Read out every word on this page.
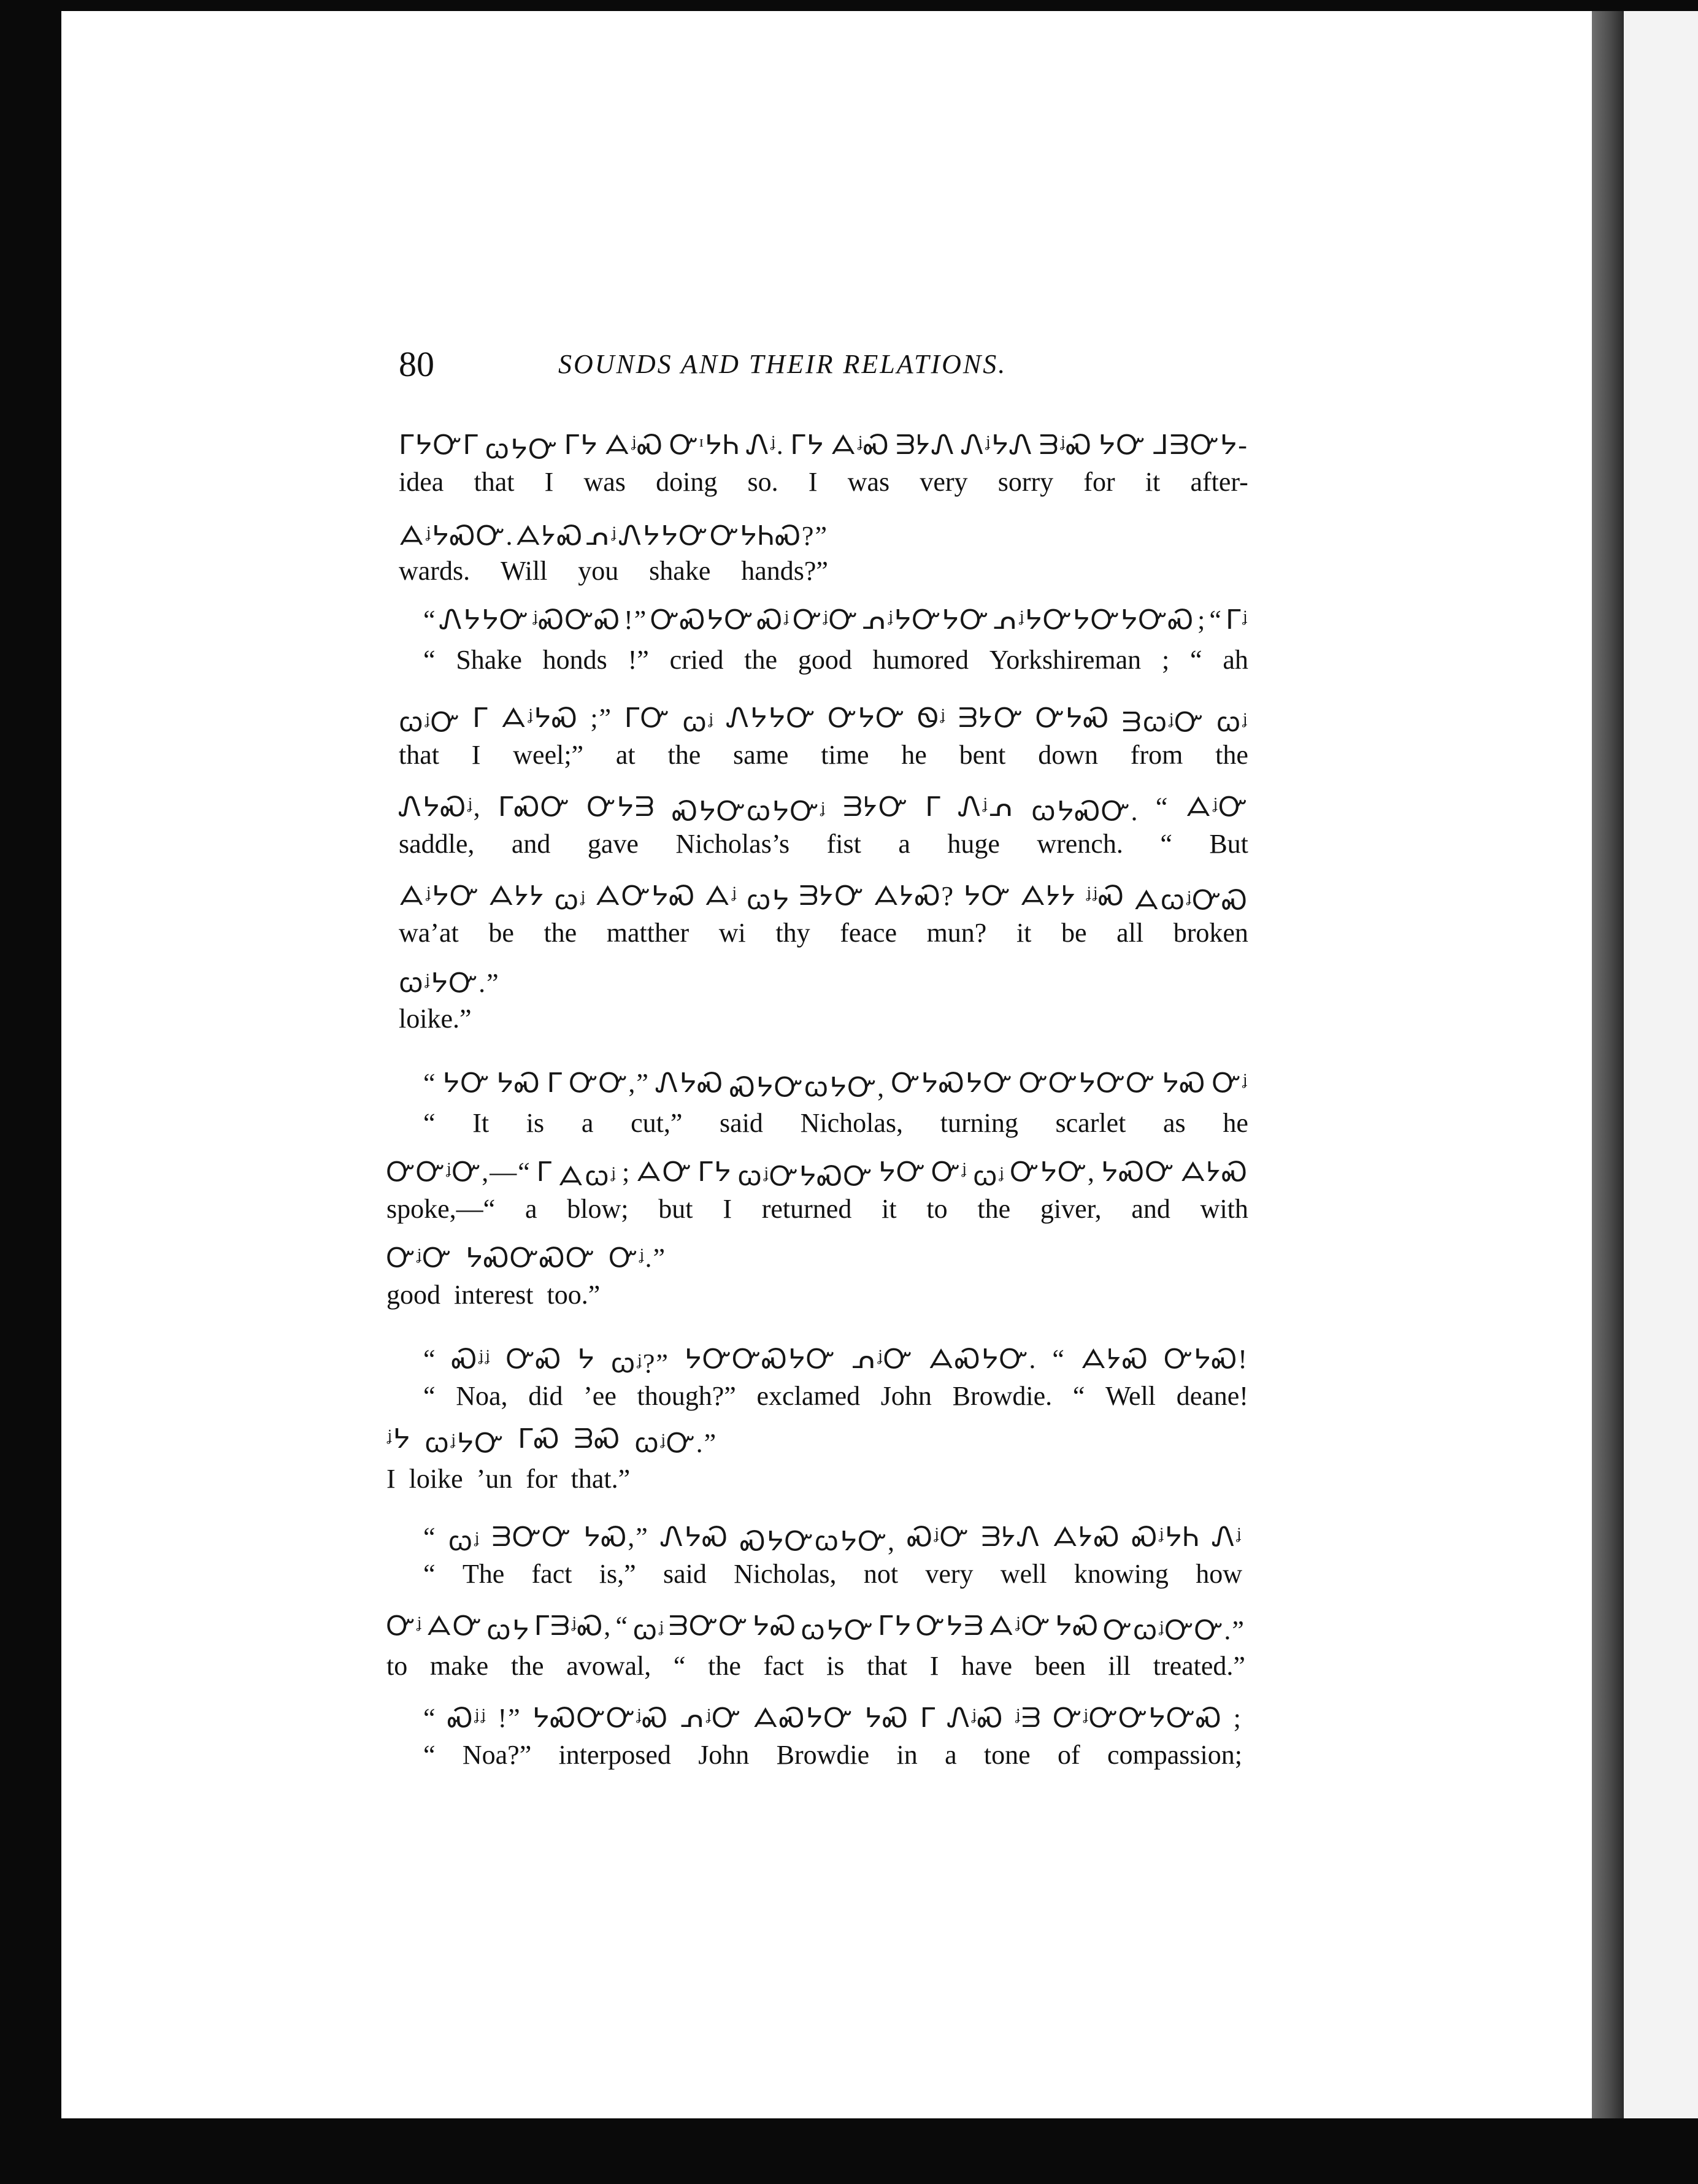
80	SOUNDS AND THEIR RELATIONS.
ᒥᔭᏅᒥ ꞷᔭᏅ ᒥᔭ ᗋᶨᏍ ᏅᶦᔭᏂ Ꮑᶨ. ᒥᔭ ᗋᶨᏍ ᗱᔭᏁ ᏁᶨᔭᏁ ᗱᶨᏍ ᔭᏅ ᒧᗱᏅᔭ-
idea that I was doing so. I was very sorry for it after-
ᗋᶨᔭᏍᏅ. ᗋᔭᏍ ᕄᶨ ᏁᔭᔭᏅ ᏅᔭᏂᏍ?”
wards. Will you shake hands?”
“ ᏁᔭᔭᏅ ᶨᏍᏅᏍ !” ᏅᏍᔭᏅ Ꮝᶨ ᏅᶨᏅ ᕄᶨᔭᏅᔭᏅ ᕄᶨᔭᏅᔭᏅᔭᏅᏍ ; “ ᒥᶨ
“ Shake honds !” cried the good humored Yorkshireman ; “ ah
ꞷᶨᏅ ᒥ ᗋᶨᔭᏍ ;” ᒥᏅ ꞷᶨ ᏁᔭᔭᏅ ᏅᔭᏅ Ꮻᶨ ᗱᔭᏅ ᏅᔭᏍ ᗱꞷᶨᏅ ꞷᶨ
that I weel;” at the same time he bent down from the
ᏁᔭᏍᶨ, ᒥᏍᏅ Ꮕᔭᗱ ᏍᔭᏅꞷᔭᏅᶨ ᗱᔭᏅ ᒥ Ꮑᶨᕄ ꞷᔭᏍᏅ. “ ᗋᶨᏅ
saddle, and gave Nicholas’s fist a huge wrench. “ But
ᗋᶨᔭᏅ ᗋᔭᔭ ꞷᶨ ᗋᏅᔭᏍ ᗋᶨ ꞷᔭ ᗱᔭᏅ ᗋᔭᏍ? ᔭᏅ ᗋᔭᔭ ᶨᶨᏍ ᗋꞷᶨᏅᏍ
wa’at be the matther wi thy feace mun? it be all broken
ꞷᶨᔭᏅ.”
loike.”
“ ᔭᏅ ᔭᏍ ᒥ ᏅᏅ,” ᏁᔭᏍ ᏍᔭᏅꞷᔭᏅ, ᏅᔭᏍᔭᏅ ᏅᏅᔭᏅᏅ ᔭᏍ Ꮕᶨ
“ It is a cut,” said Nicholas, turning scarlet as he
ᏅᏅᶨᏅ,—“ ᒥ ᗋꞷᶨ ; ᗋᏅ ᒥᔭ ꞷᶨᏅᔭᏍᏅ ᔭᏅ Ꮕᶨ ꞷᶨ ᏅᔭᏅ, ᔭᏍᏅ ᗋᔭᏍ
spoke,—“ a blow; but I returned it to the giver, and with
ᏅᶨᏅ ᔭᏍᏅᏍᏅ Ꮕᶨ.”
good interest too.”
“ Ꮝᶨᶨ ᏅᏍ ᔭ ꞷᶨ?” ᔭᏅᏅᏍᔭᏅ ᕄᶨᏅ ᗋᏍᔭᏅ. “ ᗋᔭᏍ ᏅᔭᏍ!
“ Noa, did ’ee though?” exclamed John Browdie. “ Well deane!
ᶨᔭ ꞷᶨᔭᏅ ᒥᏍ ᗱᏍ ꞷᶨᏅ.”
I loike ’un for that.”
“ ꞷᶨ ᗱᏅᏅ ᔭᏍ,” ᏁᔭᏍ ᏍᔭᏅꞷᔭᏅ, ᏍᶨᏅ ᗱᔭᏁ ᗋᔭᏍ ᏍᶨᔭᏂ Ꮑᶨ
“ The fact is,” said Nicholas, not very well knowing how
Ꮕᶨ ᗋᏅ ꞷᔭ ᒥᗱᶨᏍ, “ ꞷᶨ ᗱᏅᏅ ᔭᏍ ꞷᔭᏅ ᒥᔭ Ꮕᔭᗱ ᗋᶨᏅ ᔭᏍ ᏅꞷᶨᏅᏅ.”
to make the avowal, “ the fact is that I have been ill treated.”
“ Ꮝᶨᶨ !” ᔭᏍᏅᏅᶨᏍ ᕄᶨᏅ ᗋᏍᔭᏅ ᔭᏍ ᒥ ᏁᶨᏍ ᶨᗱ ᏅᶨᏅᏅᔭᏅᏍ ;
“ Noa?” interposed John Browdie in a tone of compassion;
